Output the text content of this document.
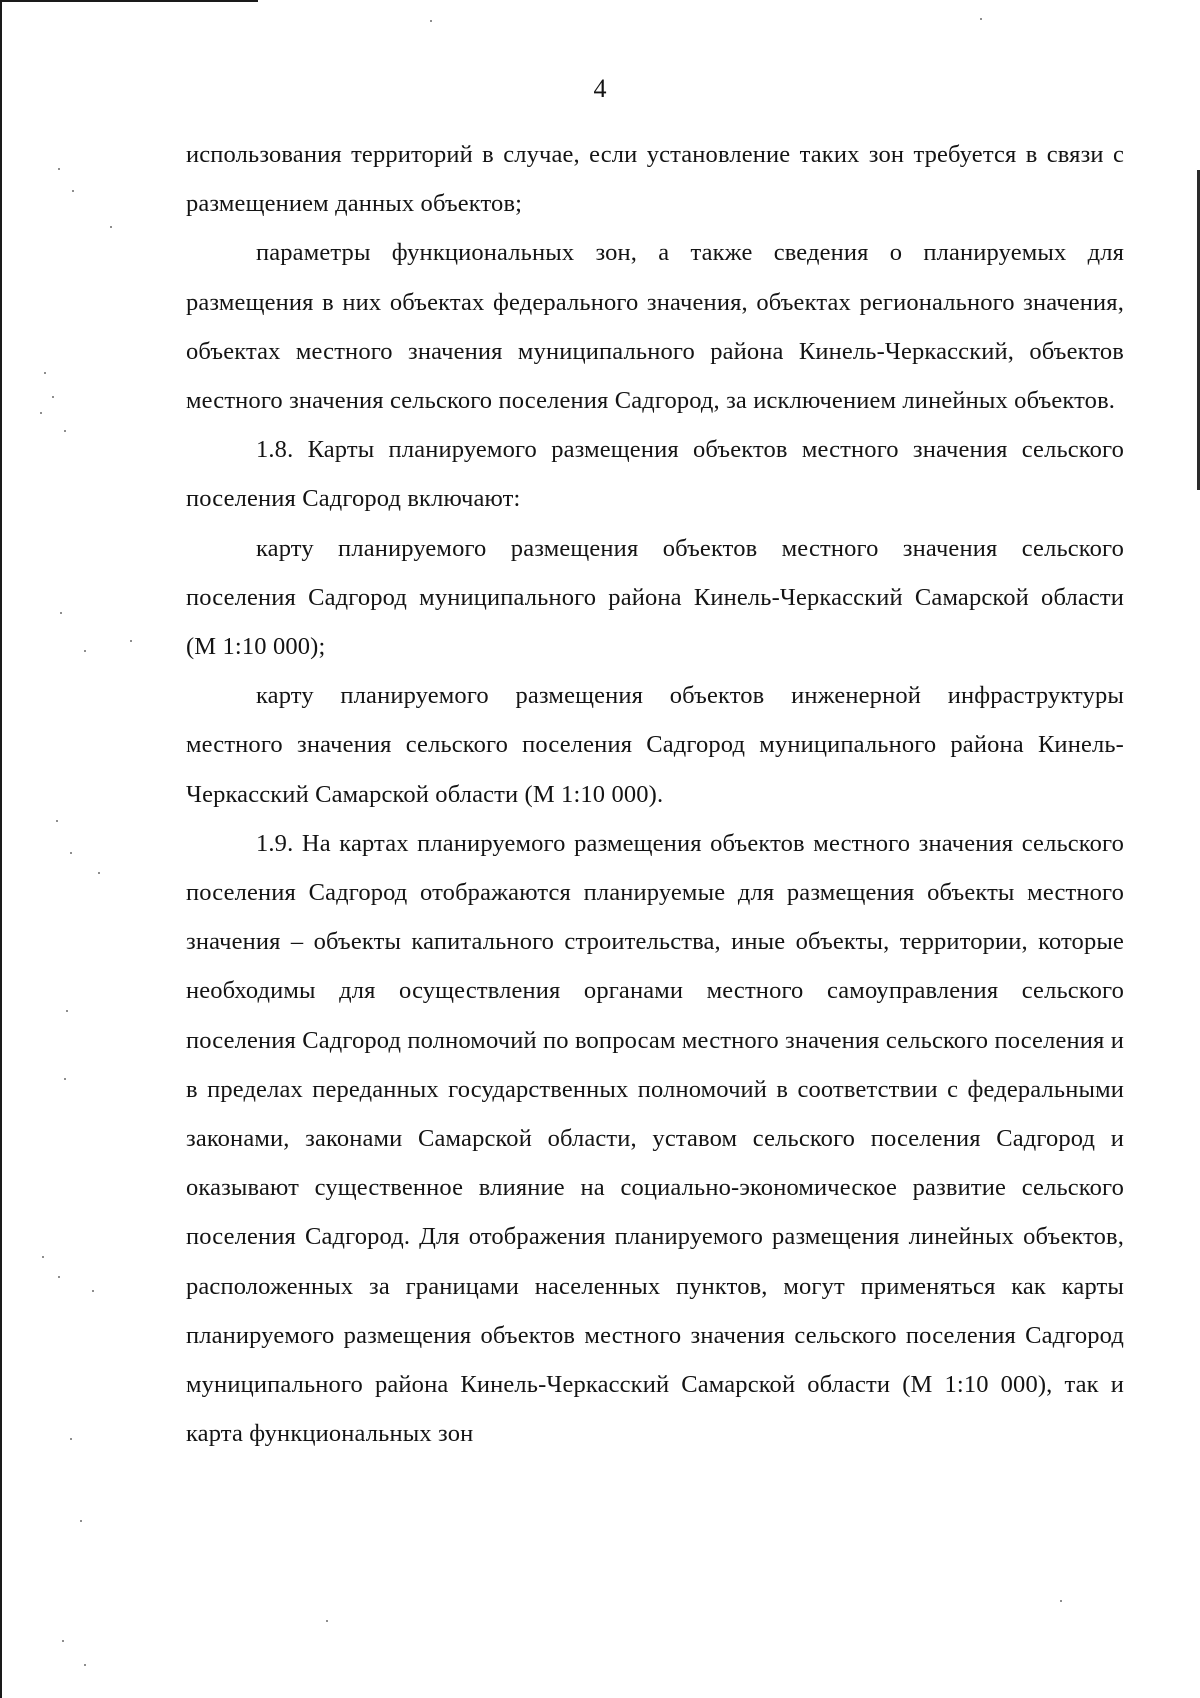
4

использования территорий в случае, если установление таких зон требуется в связи с размещением данных объектов;

параметры функциональных зон, а также сведения о планируемых для размещения в них объектах федерального значения, объектах регионального значения, объектах местного значения муниципального района Кинель-Черкасский, объектов местного значения сельского поселения Садгород, за исключением линейных объектов.

1.8. Карты планируемого размещения объектов местного значения сельского поселения Садгород включают:

карту планируемого размещения объектов местного значения сельского поселения Садгород муниципального района Кинель-Черкасский Самарской области (М 1:10 000);

карту планируемого размещения объектов инженерной инфраструктуры местного значения сельского поселения Садгород муниципального района Кинель-Черкасский Самарской области (М 1:10 000).

1.9. На картах планируемого размещения объектов местного значения сельского поселения Садгород отображаются планируемые для размещения объекты местного значения – объекты капитального строительства, иные объекты, территории, которые необходимы для осуществления органами местного самоуправления сельского поселения Садгород полномочий по вопросам местного значения сельского поселения и в пределах переданных государственных полномочий в соответствии с федеральными законами, законами Самарской области, уставом сельского поселения Садгород и оказывают существенное влияние на социально-экономическое развитие сельского поселения Садгород. Для отображения планируемого размещения линейных объектов, расположенных за границами населенных пунктов, могут применяться как карты планируемого размещения объектов местного значения сельского поселения Садгород муниципального района Кинель-Черкасский Самарской области (М 1:10 000), так и карта функциональных зон
